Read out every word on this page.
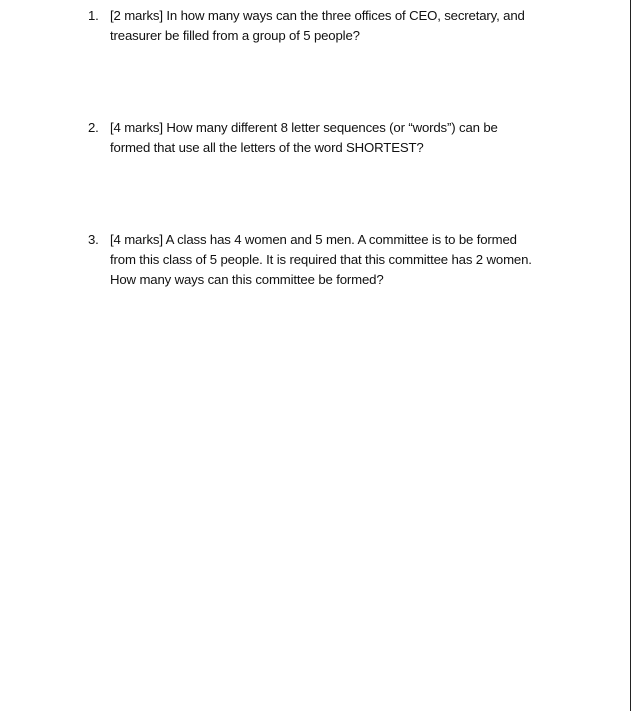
1. [2 marks] In how many ways can the three offices of CEO, secretary, and
treasurer be filled from a group of 5 people?
2. [4 marks] How many different 8 letter sequences (or “words”) can be
formed that use all the letters of the word SHORTEST?
3. [4 marks] A class has 4 women and 5 men. A committee is to be formed
from this class of 5 people. It is required that this committee has 2 women.
How many ways can this committee be formed?
